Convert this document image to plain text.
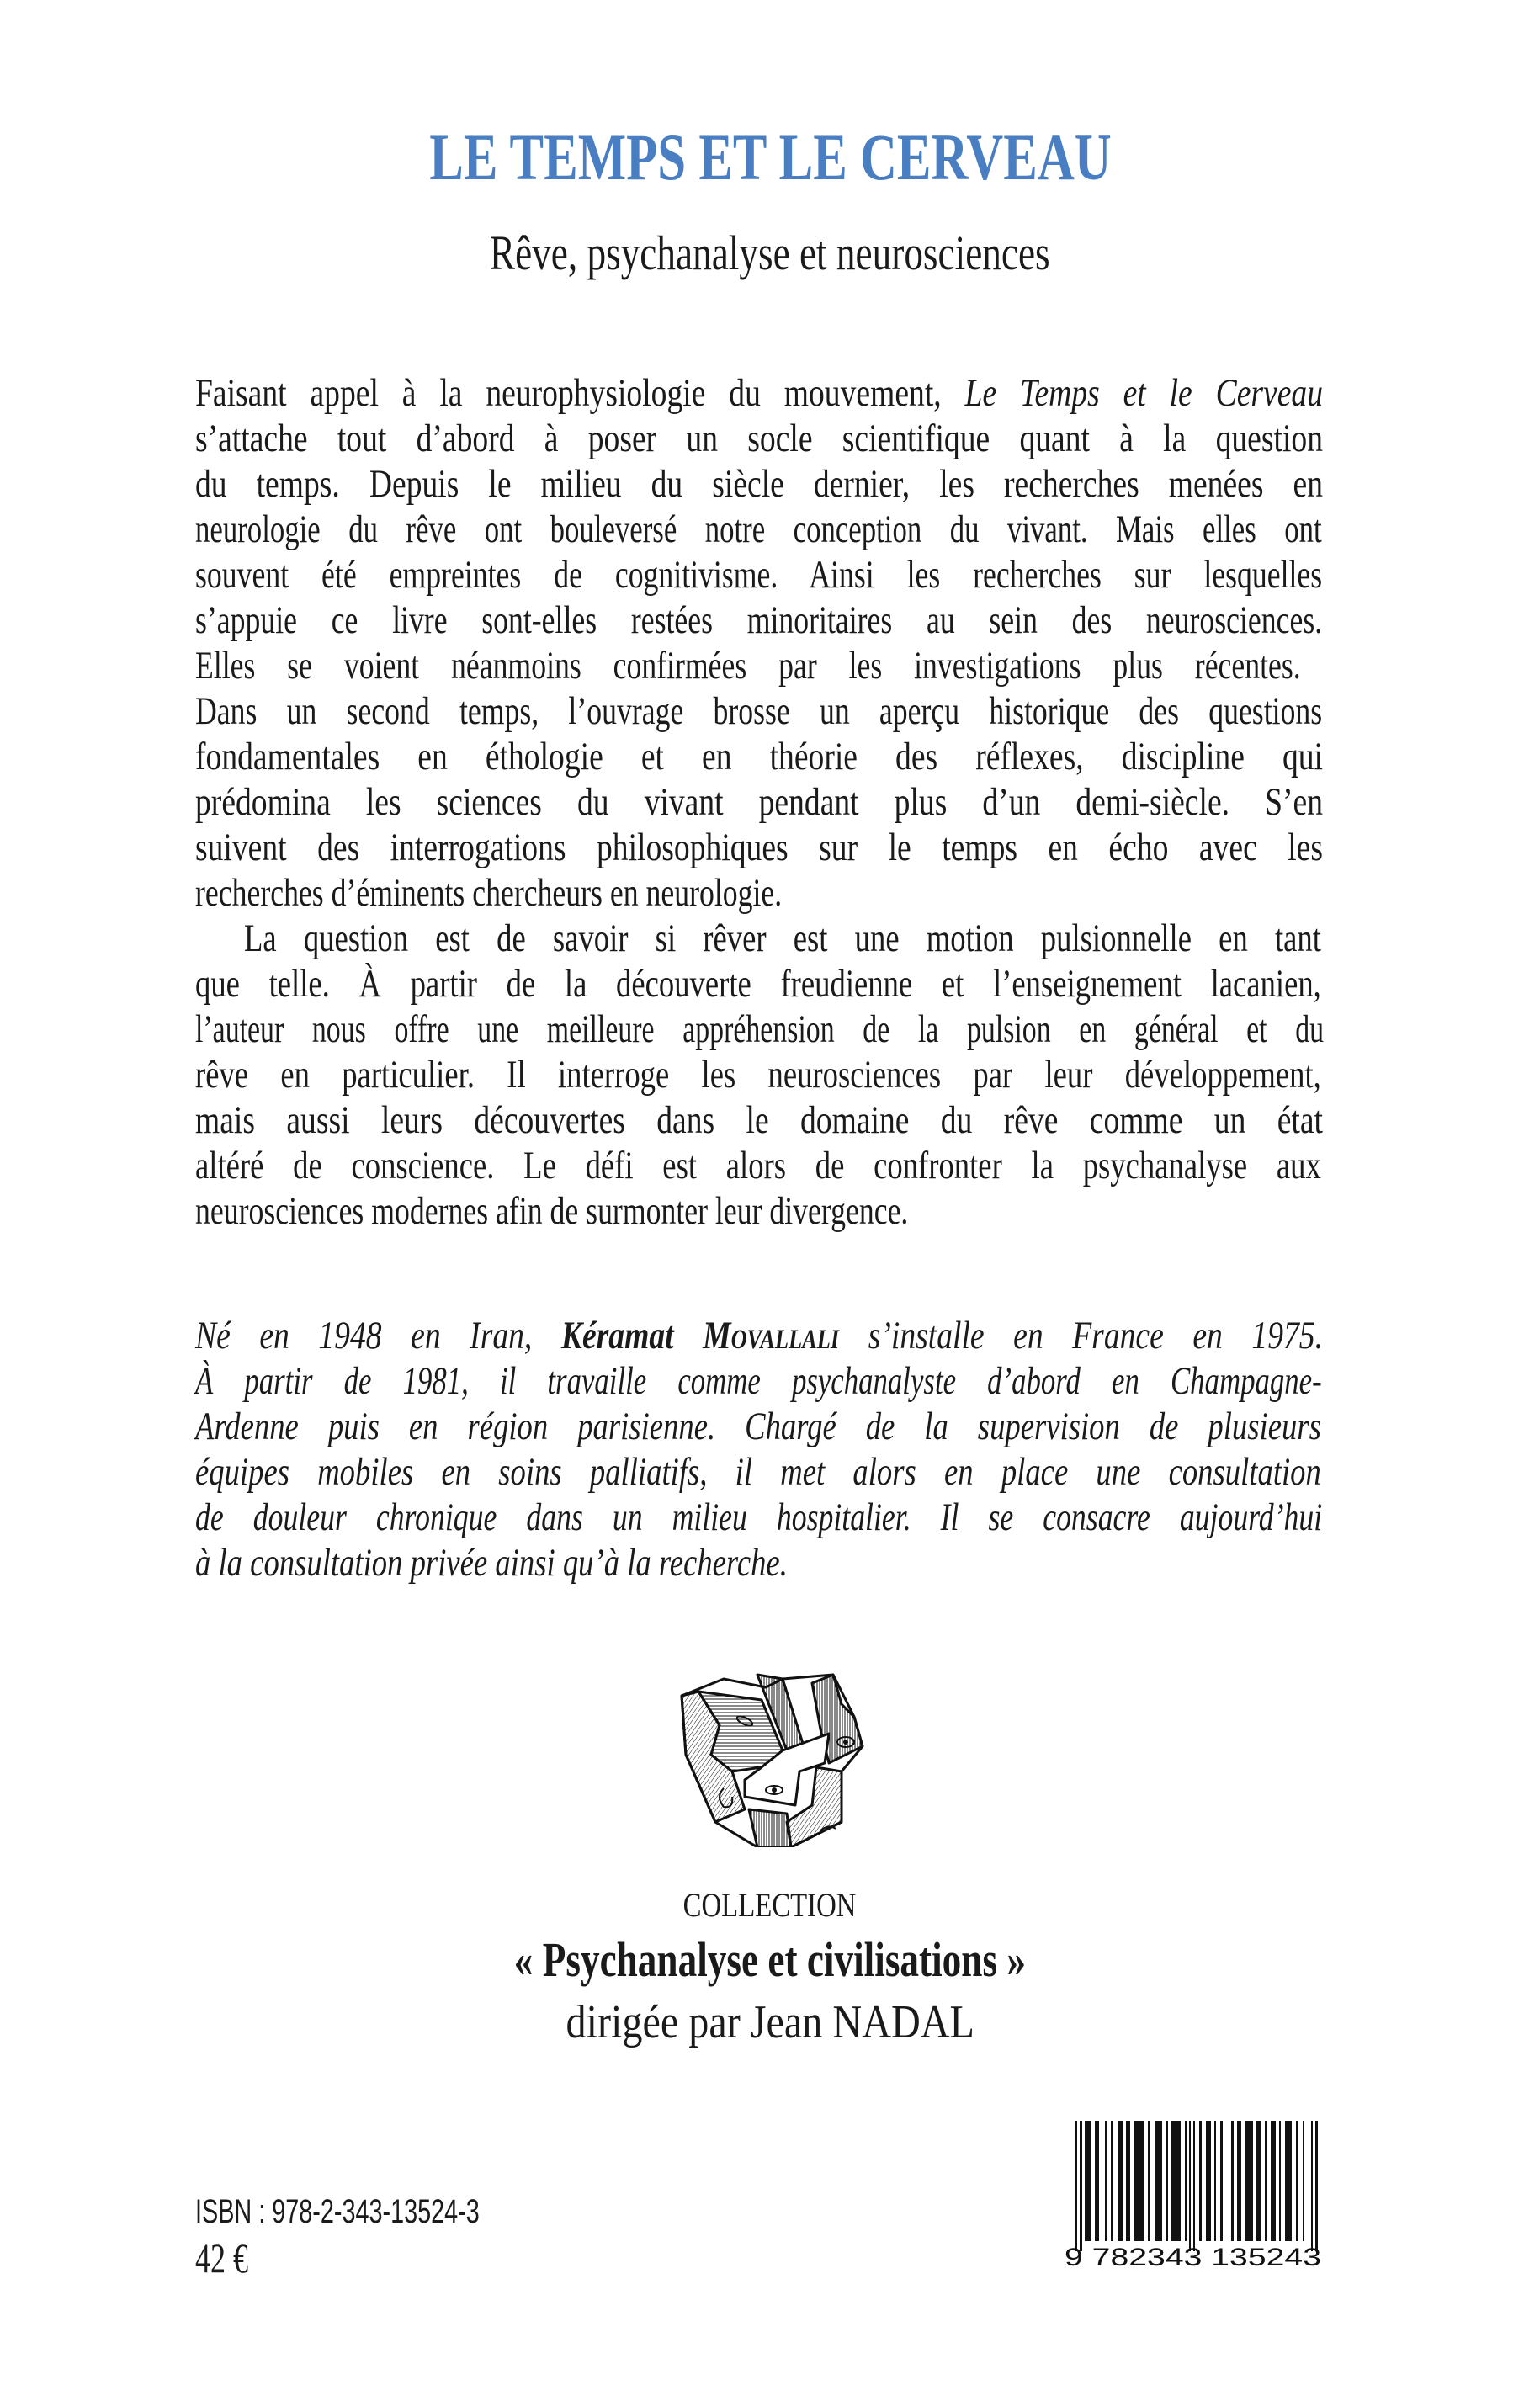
LE TEMPS ET LE CERVEAU
Rêve, psychanalyse et neurosciences
Faisant appel à la neurophysiologie du mouvement, Le Temps et le Cerveau
s’attache tout d’abord à poser un socle scientifique quant à la question
du temps. Depuis le milieu du siècle dernier, les recherches menées en
neurologie du rêve ont bouleversé notre conception du vivant. Mais elles ont
souvent été empreintes de cognitivisme. Ainsi les recherches sur lesquelles
s’appuie ce livre sont-elles restées minoritaires au sein des neurosciences.
Elles se voient néanmoins confirmées par les investigations plus récentes.
Dans un second temps, l’ouvrage brosse un aperçu historique des questions
fondamentales en éthologie et en théorie des réflexes, discipline qui
prédomina les sciences du vivant pendant plus d’un demi-siècle. S’en
suivent des interrogations philosophiques sur le temps en écho avec les
recherches d’éminents chercheurs en neurologie.
La question est de savoir si rêver est une motion pulsionnelle en tant
que telle. À partir de la découverte freudienne et l’enseignement lacanien,
l’auteur nous offre une meilleure appréhension de la pulsion en général et du
rêve en particulier. Il interroge les neurosciences par leur développement,
mais aussi leurs découvertes dans le domaine du rêve comme un état
altéré de conscience. Le défi est alors de confronter la psychanalyse aux
neurosciences modernes afin de surmonter leur divergence.
Né en 1948 en Iran, Kéramat Movallali s’installe en France en 1975.
À partir de 1981, il travaille comme psychanalyste d’abord en Champagne-
Ardenne puis en région parisienne. Chargé de la supervision de plusieurs
équipes mobiles en soins palliatifs, il met alors en place une consultation
de douleur chronique dans un milieu hospitalier. Il se consacre aujourd’hui
à la consultation privée ainsi qu’à la recherche.
COLLECTION
« Psychanalyse et civilisations »
dirigée par Jean NADAL
ISBN : 978-2-343-13524-3
42 €	9 782343 135243
